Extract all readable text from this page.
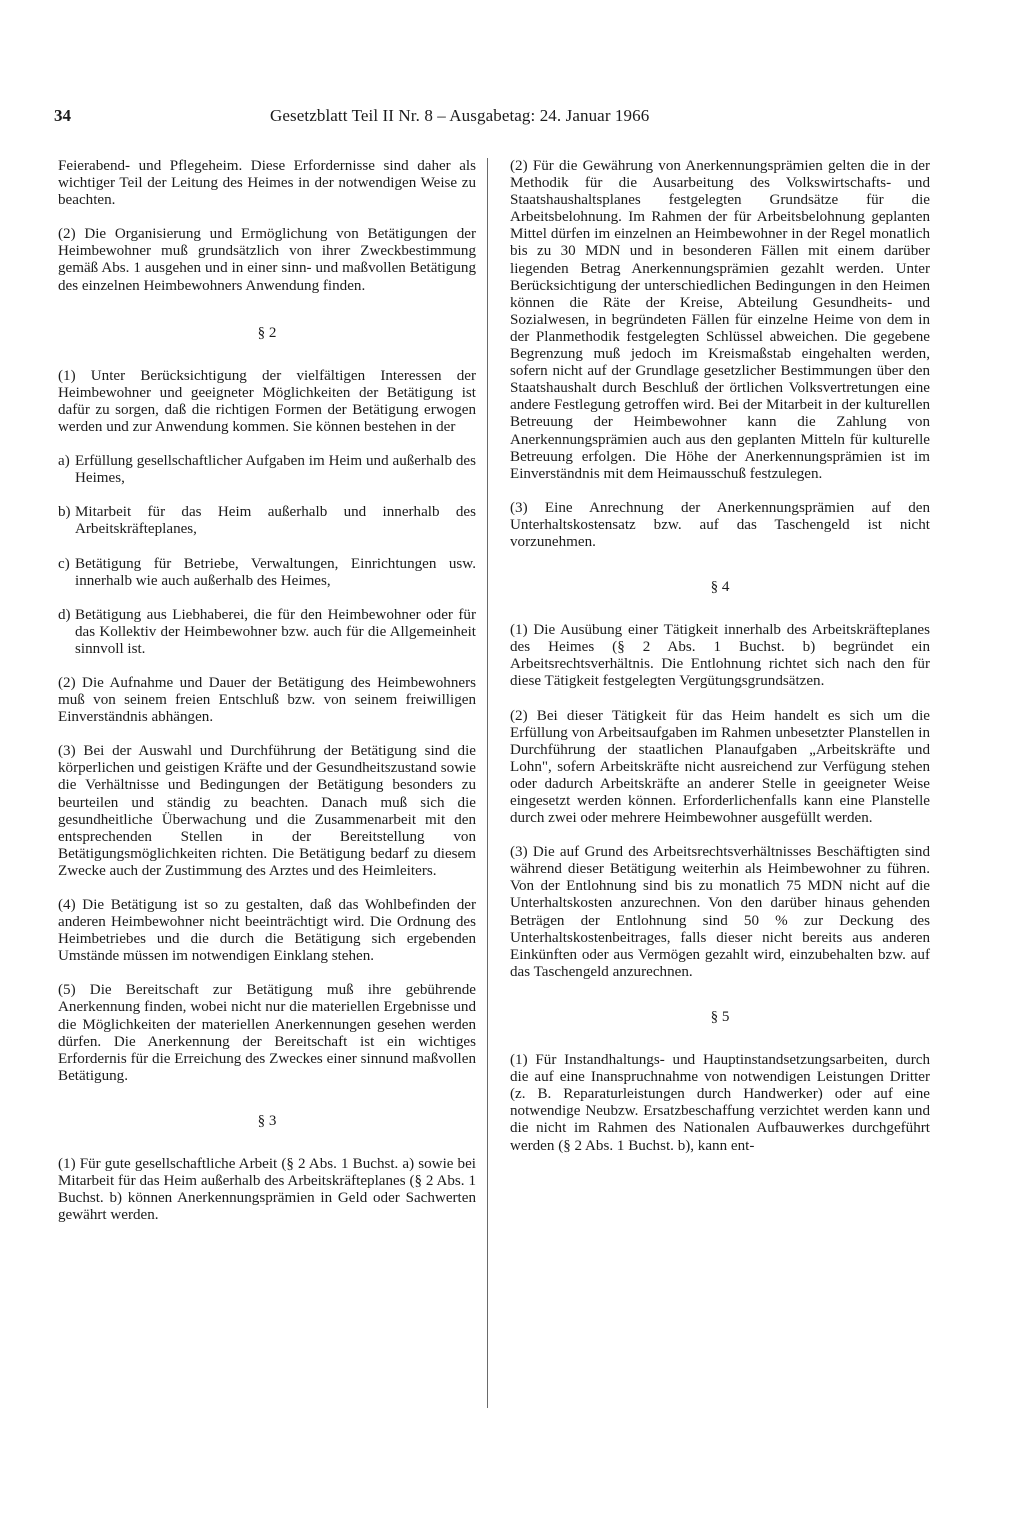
34	Gesetzblatt Teil II Nr. 8 – Ausgabetag: 24. Januar 1966

Feierabend- und Pflegeheim. Diese Erfordernisse sind daher als wichtiger Teil der Leitung des Heimes in der notwendigen Weise zu beachten.

(2) Die Organisierung und Ermöglichung von Betätigungen der Heimbewohner muß grundsätzlich von ihrer Zweckbestimmung gemäß Abs. 1 ausgehen und in einer sinn- und maßvollen Betätigung des einzelnen Heimbewohners Anwendung finden.

§ 2

(1) Unter Berücksichtigung der vielfältigen Interessen der Heimbewohner und geeigneter Möglichkeiten der Betätigung ist dafür zu sorgen, daß die richtigen Formen der Betätigung erwogen werden und zur Anwendung kommen. Sie können bestehen in der

a) Erfüllung gesellschaftlicher Aufgaben im Heim und außerhalb des Heimes,
b) Mitarbeit für das Heim außerhalb und innerhalb des Arbeitskräfteplanes,
c) Betätigung für Betriebe, Verwaltungen, Einrichtungen usw. innerhalb wie auch außerhalb des Heimes,
d) Betätigung aus Liebhaberei, die für den Heimbewohner oder für das Kollektiv der Heimbewohner bzw. auch für die Allgemeinheit sinnvoll ist.

(2) Die Aufnahme und Dauer der Betätigung des Heimbewohners muß von seinem freien Entschluß bzw. von seinem freiwilligen Einverständnis abhängen.

(3) Bei der Auswahl und Durchführung der Betätigung sind die körperlichen und geistigen Kräfte und der Gesundheitszustand sowie die Verhältnisse und Bedingungen der Betätigung besonders zu beurteilen und ständig zu beachten. Danach muß sich die gesundheitliche Überwachung und die Zusammenarbeit mit den entsprechenden Stellen in der Bereitstellung von Betätigungsmöglichkeiten richten. Die Betätigung bedarf zu diesem Zwecke auch der Zustimmung des Arztes und des Heimleiters.

(4) Die Betätigung ist so zu gestalten, daß das Wohlbefinden der anderen Heimbewohner nicht beeinträchtigt wird. Die Ordnung des Heimbetriebes und die durch die Betätigung sich ergebenden Umstände müssen im notwendigen Einklang stehen.

(5) Die Bereitschaft zur Betätigung muß ihre gebührende Anerkennung finden, wobei nicht nur die materiellen Ergebnisse und die Möglichkeiten der materiellen Anerkennungen gesehen werden dürfen. Die Anerkennung der Bereitschaft ist ein wichtiges Erfordernis für die Erreichung des Zweckes einer sinnund maßvollen Betätigung.

§ 3

(1) Für gute gesellschaftliche Arbeit (§ 2 Abs. 1 Buchst. a) sowie bei Mitarbeit für das Heim außerhalb des Arbeitskräfteplanes (§ 2 Abs. 1 Buchst. b) können Anerkennungsprämien in Geld oder Sachwerten gewährt werden.

(2) Für die Gewährung von Anerkennungsprämien gelten die in der Methodik für die Ausarbeitung des Volkswirtschafts- und Staatshaushaltsplanes festgelegten Grundsätze für die Arbeitsbelohnung. Im Rahmen der für Arbeitsbelohnung geplanten Mittel dürfen im einzelnen an Heimbewohner in der Regel monatlich bis zu 30 MDN und in besonderen Fällen mit einem darüber liegenden Betrag Anerkennungsprämien gezahlt werden. Unter Berücksichtigung der unterschiedlichen Bedingungen in den Heimen können die Räte der Kreise, Abteilung Gesundheits- und Sozialwesen, in begründeten Fällen für einzelne Heime von dem in der Planmethodik festgelegten Schlüssel abweichen. Die gegebene Begrenzung muß jedoch im Kreismaßstab eingehalten werden, sofern nicht auf der Grundlage gesetzlicher Bestimmungen über den Staatshaushalt durch Beschluß der örtlichen Volksvertretungen eine andere Festlegung getroffen wird. Bei der Mitarbeit in der kulturellen Betreuung der Heimbewohner kann die Zahlung von Anerkennungsprämien auch aus den geplanten Mitteln für kulturelle Betreuung erfolgen. Die Höhe der Anerkennungsprämien ist im Einverständnis mit dem Heimausschuß festzulegen.

(3) Eine Anrechnung der Anerkennungsprämien auf den Unterhaltskostensatz bzw. auf das Taschengeld ist nicht vorzunehmen.

§ 4

(1) Die Ausübung einer Tätigkeit innerhalb des Arbeitskräfteplanes des Heimes (§ 2 Abs. 1 Buchst. b) begründet ein Arbeitsrechtsverhältnis. Die Entlohnung richtet sich nach den für diese Tätigkeit festgelegten Vergütungsgrundsätzen.

(2) Bei dieser Tätigkeit für das Heim handelt es sich um die Erfüllung von Arbeitsaufgaben im Rahmen unbesetzter Planstellen in Durchführung der staatlichen Planaufgaben „Arbeitskräfte und Lohn", sofern Arbeitskräfte nicht ausreichend zur Verfügung stehen oder dadurch Arbeitskräfte an anderer Stelle in geeigneter Weise eingesetzt werden können. Erforderlichenfalls kann eine Planstelle durch zwei oder mehrere Heimbewohner ausgefüllt werden.

(3) Die auf Grund des Arbeitsrechtsverhältnisses Beschäftigten sind während dieser Betätigung weiterhin als Heimbewohner zu führen. Von der Entlohnung sind bis zu monatlich 75 MDN nicht auf die Unterhaltskosten anzurechnen. Von den darüber hinaus gehenden Beträgen der Entlohnung sind 50 % zur Deckung des Unterhaltskostenbeitrages, falls dieser nicht bereits aus anderen Einkünften oder aus Vermögen gezahlt wird, einzubehalten bzw. auf das Taschengeld anzurechnen.

§ 5

(1) Für Instandhaltungs- und Hauptinstandsetzungsarbeiten, durch die auf eine Inanspruchnahme von notwendigen Leistungen Dritter (z. B. Reparaturleistungen durch Handwerker) oder auf eine notwendige Neubzw. Ersatzbeschaffung verzichtet werden kann und die nicht im Rahmen des Nationalen Aufbauwerkes durchgeführt werden (§ 2 Abs. 1 Buchst. b), kann ent-
